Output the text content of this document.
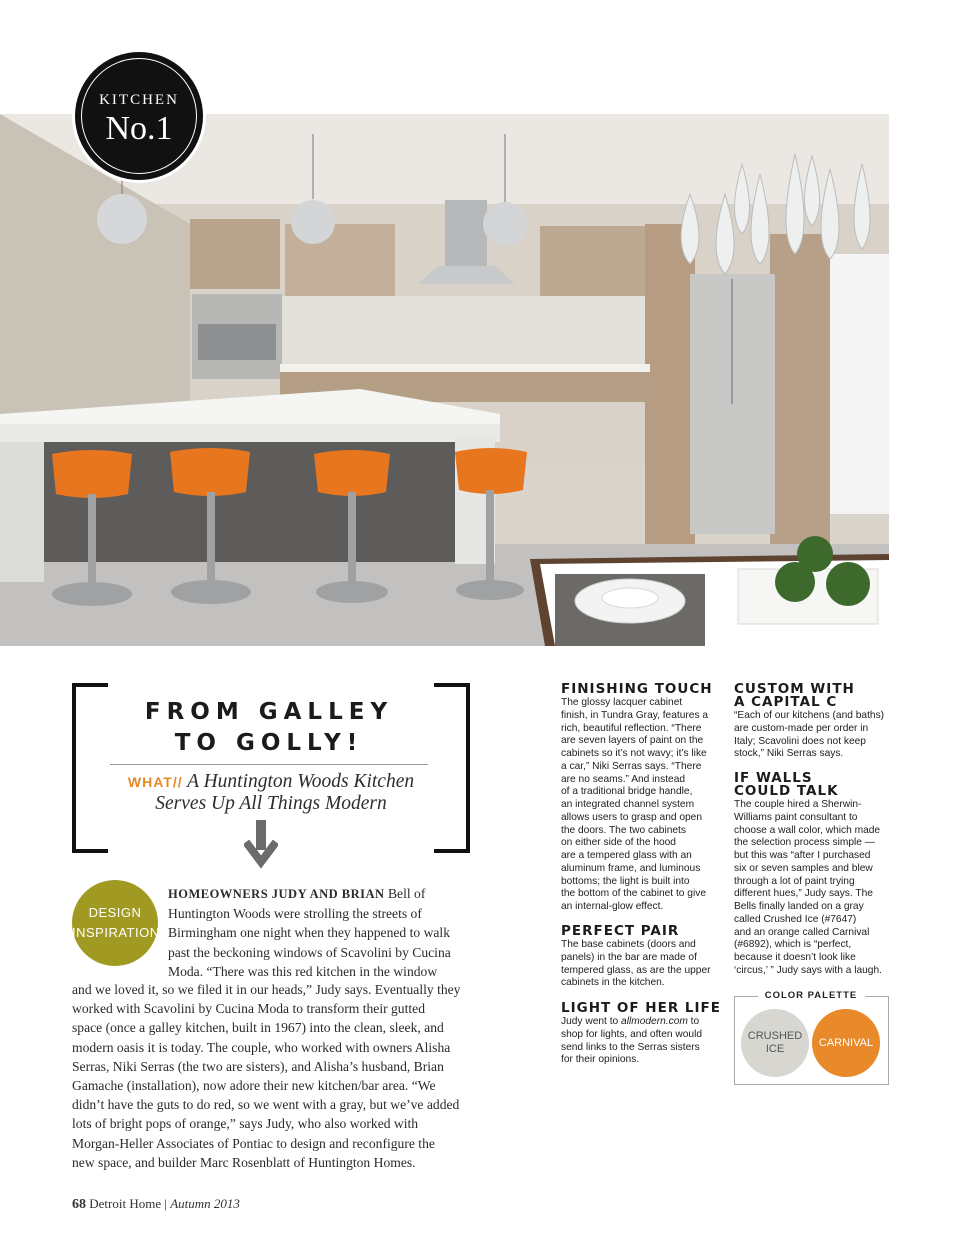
KITCHEN
No.1
FROM GALLEY
TO GOLLY!
WHAT// A Huntington Woods Kitchen
Serves Up All Things Modern
DESIGN
INSPIRATION
HOMEOWNERS JUDY AND BRIAN Bell of
Huntington Woods were strolling the streets of
Birmingham one night when they happened to walk
past the beckoning windows of Scavolini by Cucina
Moda. “There was this red kitchen in the window
and we loved it, so we filed it in our heads,” Judy says. Eventually they
worked with Scavolini by Cucina Moda to transform their gutted
space (once a galley kitchen, built in 1967) into the clean, sleek, and
modern oasis it is today. The couple, who worked with owners Alisha
Serras, Niki Serras (the two are sisters), and Alisha’s husband, Brian
Gamache (installation), now adore their new kitchen/bar area. “We
didn’t have the guts to do red, so we went with a gray, but we’ve added
lots of bright pops of orange,” says Judy, who also worked with
Morgan-Heller Associates of Pontiac to design and reconfigure the
new space, and builder Marc Rosenblatt of Huntington Homes.
FINISHING TOUCH
The glossy lacquer cabinet
finish, in Tundra Gray, features a
rich, beautiful reflection. “There
are seven layers of paint on the
cabinets so it’s not wavy; it’s like
a car,” Niki Serras says. “There
are no seams.” And instead
of a traditional bridge handle,
an integrated channel system
allows users to grasp and open
the doors. The two cabinets
on either side of the hood
are a tempered glass with an
aluminum frame, and luminous
bottoms; the light is built into
the bottom of the cabinet to give
an internal-glow effect.
PERFECT PAIR
The base cabinets (doors and
panels) in the bar are made of
tempered glass, as are the upper
cabinets in the kitchen.
LIGHT OF HER LIFE
Judy went to allmodern.com to
shop for lights, and often would
send links to the Serras sisters
for their opinions.
CUSTOM WITH
A CAPITAL C
“Each of our kitchens (and baths)
are custom-made per order in
Italy; Scavolini does not keep
stock,” Niki Serras says.
IF WALLS
COULD TALK
The couple hired a Sherwin-
Williams paint consultant to
choose a wall color, which made
the selection process simple —
but this was “after I purchased
six or seven samples and blew
through a lot of paint trying
different hues,” Judy says. The
Bells finally landed on a gray
called Crushed Ice (#7647)
and an orange called Carnival
(#6892), which is “perfect,
because it doesn’t look like
‘circus,’ ” Judy says with a laugh.
COLOR PALETTE
CRUSHED
ICE
CARNIVAL
68 Detroit Home | Autumn 2013
